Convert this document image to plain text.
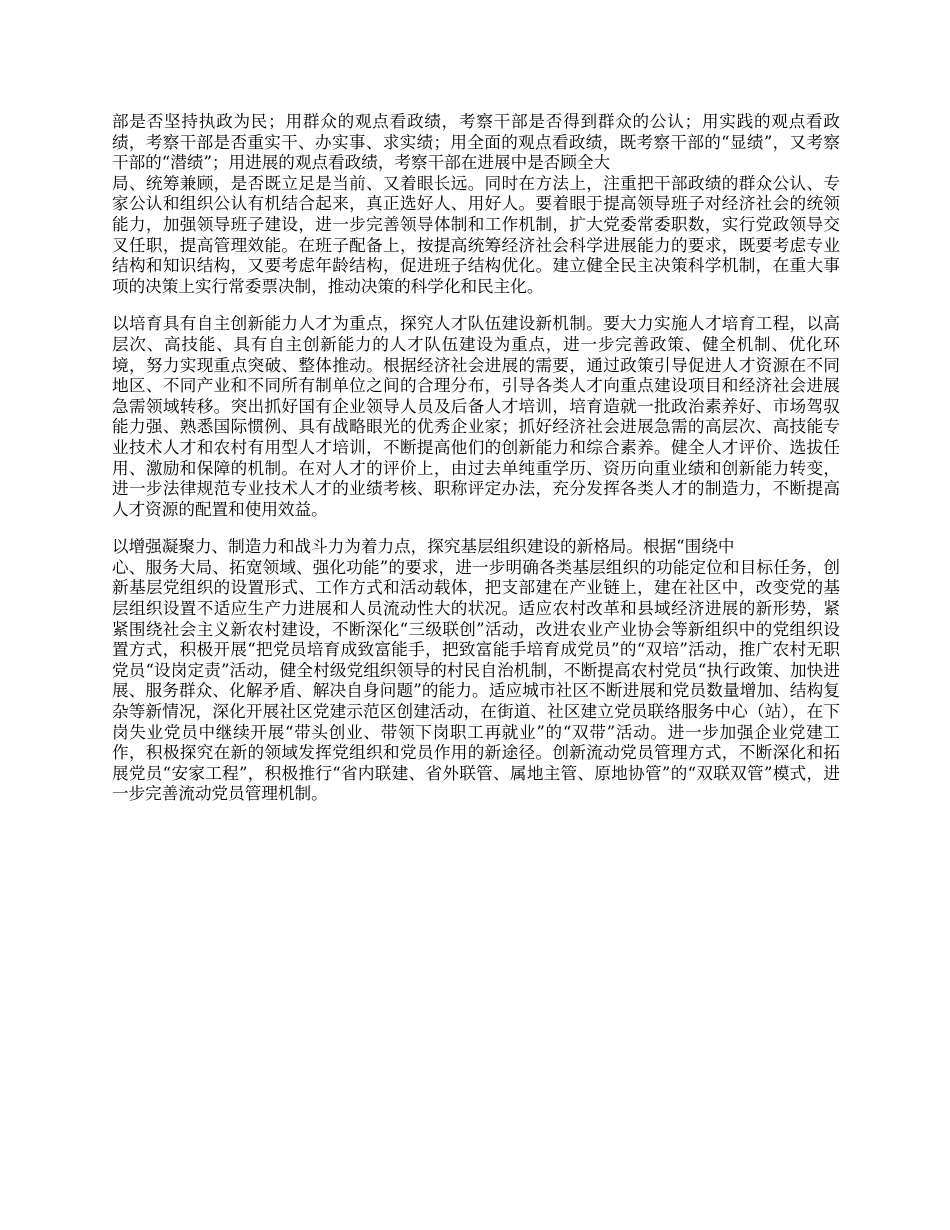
部是否坚持执政为民；用群众的观点看政绩，考察干部是否得到群众的公认；用实践的观点看政绩，考察干部是否重实干、办实事、求实绩；用全面的观点看政绩，既考察干部的“显绩”，又考察干部的“潜绩”；用进展的观点看政绩，考察干部在进展中是否顾全大
局、统筹兼顾，是否既立足是当前、又着眼长远。同时在方法上，注重把干部政绩的群众公认、专家公认和组织公认有机结合起来，真正选好人、用好人。要着眼于提高领导班子对经济社会的统领能力，加强领导班子建设，进一步完善领导体制和工作机制，扩大党委常委职数，实行党政领导交叉任职，提高管理效能。在班子配备上，按提高统筹经济社会科学进展能力的要求，既要考虑专业结构和知识结构，又要考虑年龄结构，促进班子结构优化。建立健全民主决策科学机制，在重大事项的决策上实行常委票决制，推动决策的科学化和民主化。

以培育具有自主创新能力人才为重点，探究人才队伍建设新机制。要大力实施人才培育工程，以高层次、高技能、具有自主创新能力的人才队伍建设为重点，进一步完善政策、健全机制、优化环境，努力实现重点突破、整体推动。根据经济社会进展的需要，通过政策引导促进人才资源在不同地区、不同产业和不同所有制单位之间的合理分布，引导各类人才向重点建设项目和经济社会进展急需领域转移。突出抓好国有企业领导人员及后备人才培训，培育造就一批政治素养好、市场驾驭能力强、熟悉国际惯例、具有战略眼光的优秀企业家；抓好经济社会进展急需的高层次、高技能专业技术人才和农村有用型人才培训，不断提高他们的创新能力和综合素养。健全人才评价、选拔任用、激励和保障的机制。在对人才的评价上，由过去单纯重学历、资历向重业绩和创新能力转变，进一步法律规范专业技术人才的业绩考核、职称评定办法，充分发挥各类人才的制造力，不断提高人才资源的配置和使用效益。

以增强凝聚力、制造力和战斗力为着力点，探究基层组织建设的新格局。根据“围绕中
心、服务大局、拓宽领域、强化功能”的要求，进一步明确各类基层组织的功能定位和目标任务，创新基层党组织的设置形式、工作方式和活动载体，把支部建在产业链上，建在社区中，改变党的基层组织设置不适应生产力进展和人员流动性大的状况。适应农村改革和县域经济进展的新形势，紧紧围绕社会主义新农村建设，不断深化“三级联创”活动，改进农业产业协会等新组织中的党组织设置方式，积极开展“把党员培育成致富能手，把致富能手培育成党员”的“双培”活动，推广农村无职党员“设岗定责”活动，健全村级党组织领导的村民自治机制，不断提高农村党员“执行政策、加快进展、服务群众、化解矛盾、解决自身问题”的能力。适应城市社区不断进展和党员数量增加、结构复杂等新情况，深化开展社区党建示范区创建活动，在街道、社区建立党员联络服务中心（站），在下岗失业党员中继续开展“带头创业、带领下岗职工再就业”的“双带”活动。进一步加强企业党建工作，积极探究在新的领域发挥党组织和党员作用的新途径。创新流动党员管理方式，不断深化和拓展党员“安家工程”，积极推行“省内联建、省外联管、属地主管、原地协管”的“双联双管”模式，进一步完善流动党员管理机制。
